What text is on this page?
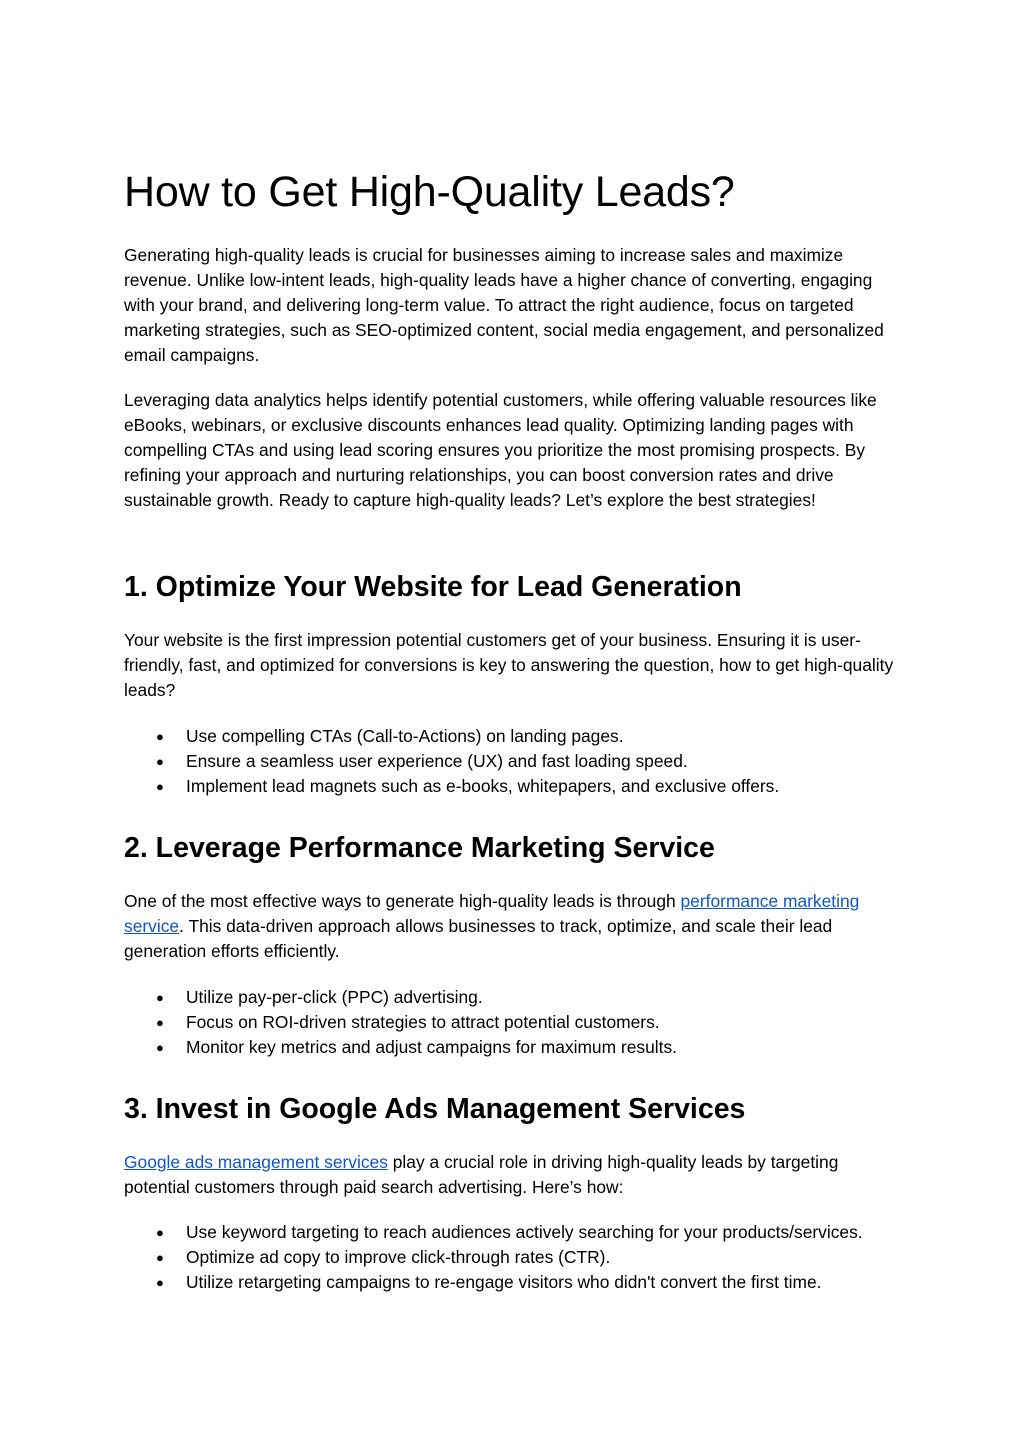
How to Get High-Quality Leads?

Generating high-quality leads is crucial for businesses aiming to increase sales and maximize revenue. Unlike low-intent leads, high-quality leads have a higher chance of converting, engaging with your brand, and delivering long-term value. To attract the right audience, focus on targeted marketing strategies, such as SEO-optimized content, social media engagement, and personalized email campaigns.

Leveraging data analytics helps identify potential customers, while offering valuable resources like eBooks, webinars, or exclusive discounts enhances lead quality. Optimizing landing pages with compelling CTAs and using lead scoring ensures you prioritize the most promising prospects. By refining your approach and nurturing relationships, you can boost conversion rates and drive sustainable growth. Ready to capture high-quality leads? Let’s explore the best strategies!

1. Optimize Your Website for Lead Generation

Your website is the first impression potential customers get of your business. Ensuring it is user-friendly, fast, and optimized for conversions is key to answering the question, how to get high-quality leads?

● Use compelling CTAs (Call-to-Actions) on landing pages.
● Ensure a seamless user experience (UX) and fast loading speed.
● Implement lead magnets such as e-books, whitepapers, and exclusive offers.
2. Leverage Performance Marketing Service

One of the most effective ways to generate high-quality leads is through performance marketing service. This data-driven approach allows businesses to track, optimize, and scale their lead generation efforts efficiently.

● Utilize pay-per-click (PPC) advertising.
● Focus on ROI-driven strategies to attract potential customers.
● Monitor key metrics and adjust campaigns for maximum results.
3. Invest in Google Ads Management Services

Google ads management services play a crucial role in driving high-quality leads by targeting potential customers through paid search advertising. Here’s how:

● Use keyword targeting to reach audiences actively searching for your products/services.
● Optimize ad copy to improve click-through rates (CTR).
● Utilize retargeting campaigns to re-engage visitors who didn't convert the first time.
